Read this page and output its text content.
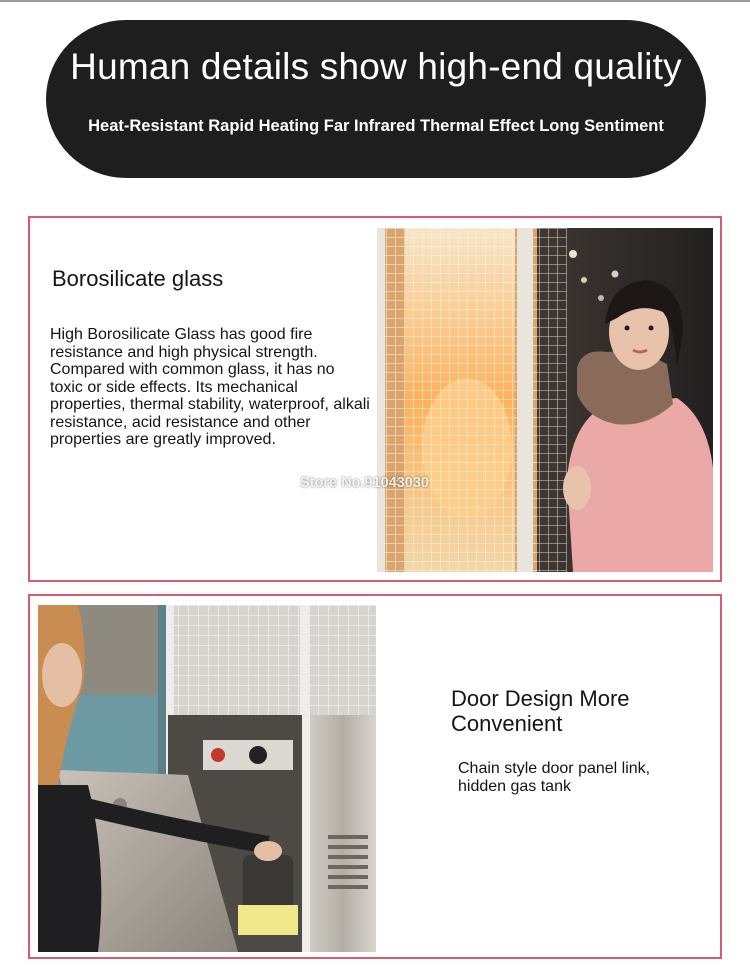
Human details show high-end quality
Heat-Resistant Rapid Heating Far Infrared Thermal Effect Long Sentiment
Borosilicate glass
High Borosilicate Glass has good fire resistance and high physical strength. Compared with common glass, it has no toxic or side effects. Its mechanical properties, thermal stability, waterproof, alkali resistance, acid resistance and other properties are greatly improved.
Store No.91043030
Door Design More Convenient
Chain style door panel link, hidden gas tank
